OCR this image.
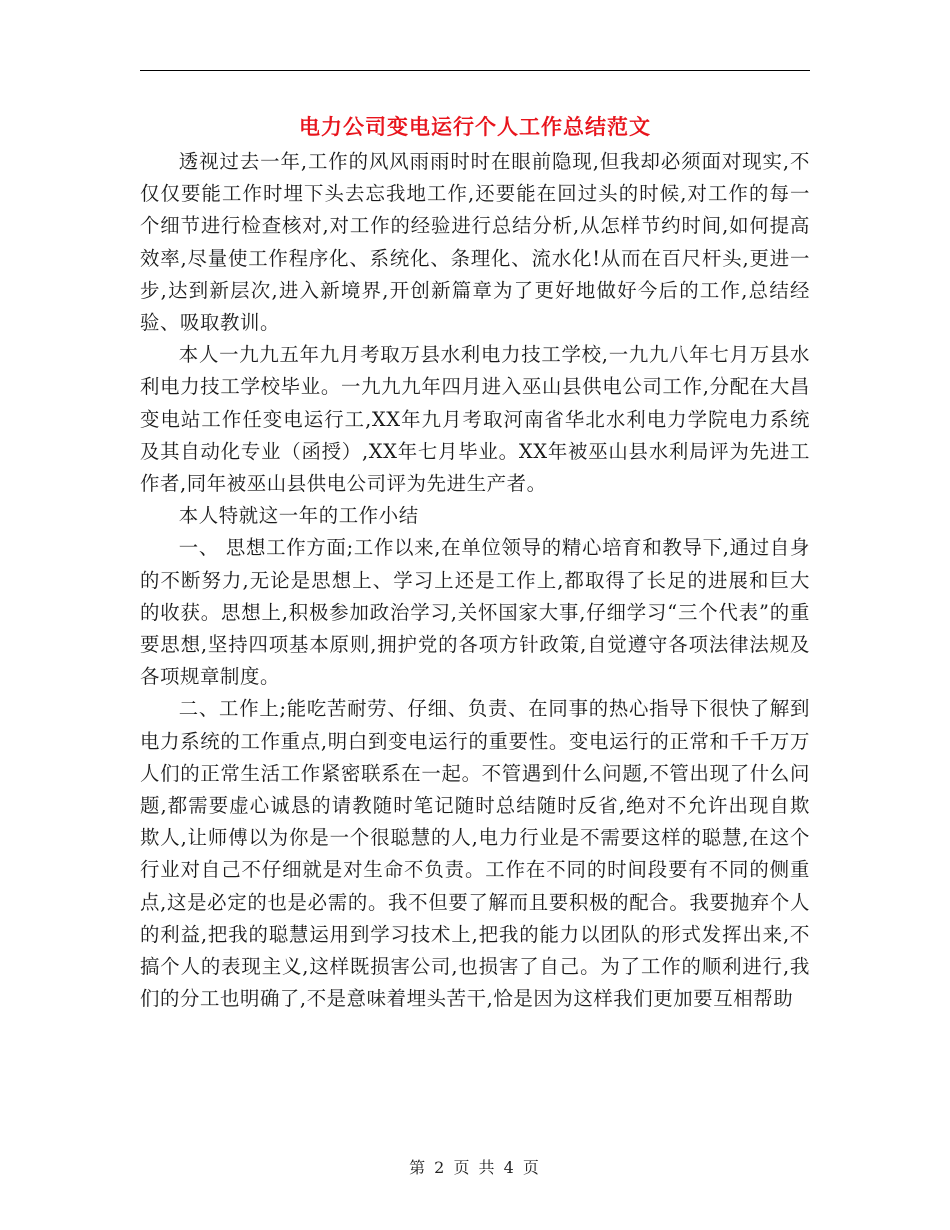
电力公司变电运行个人工作总结范文

透视过去一年,工作的风风雨雨时时在眼前隐现,但我却必须面对现实,不仅仅要能工作时埋下头去忘我地工作,还要能在回过头的时候,对工作的每一个细节进行检查核对,对工作的经验进行总结分析,从怎样节约时间,如何提高效率,尽量使工作程序化、系统化、条理化、流水化!从而在百尺杆头,更进一步,达到新层次,进入新境界,开创新篇章为了更好地做好今后的工作,总结经验、吸取教训。

本人一九九五年九月考取万县水利电力技工学校,一九九八年七月万县水利电力技工学校毕业。一九九九年四月进入巫山县供电公司工作,分配在大昌变电站工作任变电运行工,XX年九月考取河南省华北水利电力学院电力系统及其自动化专业（函授）,XX年七月毕业。XX年被巫山县水利局评为先进工作者,同年被巫山县供电公司评为先进生产者。

本人特就这一年的工作小结

一、 思想工作方面;工作以来,在单位领导的精心培育和教导下,通过自身的不断努力,无论是思想上、学习上还是工作上,都取得了长足的进展和巨大的收获。思想上,积极参加政治学习,关怀国家大事,仔细学习“三个代表”的重要思想,坚持四项基本原则,拥护党的各项方针政策,自觉遵守各项法律法规及各项规章制度。

二、工作上;能吃苦耐劳、仔细、负责、在同事的热心指导下很快了解到电力系统的工作重点,明白到变电运行的重要性。变电运行的正常和千千万万人们的正常生活工作紧密联系在一起。不管遇到什么问题,不管出现了什么问题,都需要虚心诚恳的请教随时笔记随时总结随时反省,绝对不允许出现自欺欺人,让师傅以为你是一个很聪慧的人,电力行业是不需要这样的聪慧,在这个行业对自己不仔细就是对生命不负责。工作在不同的时间段要有不同的侧重点,这是必定的也是必需的。我不但要了解而且要积极的配合。我要抛弃个人的利益,把我的聪慧运用到学习技术上,把我的能力以团队的形式发挥出来,不搞个人的表现主义,这样既损害公司,也损害了自己。为了工作的顺利进行,我们的分工也明确了,不是意味着埋头苦干,恰是因为这样我们更加要互相帮助

第 2 页 共 4 页
